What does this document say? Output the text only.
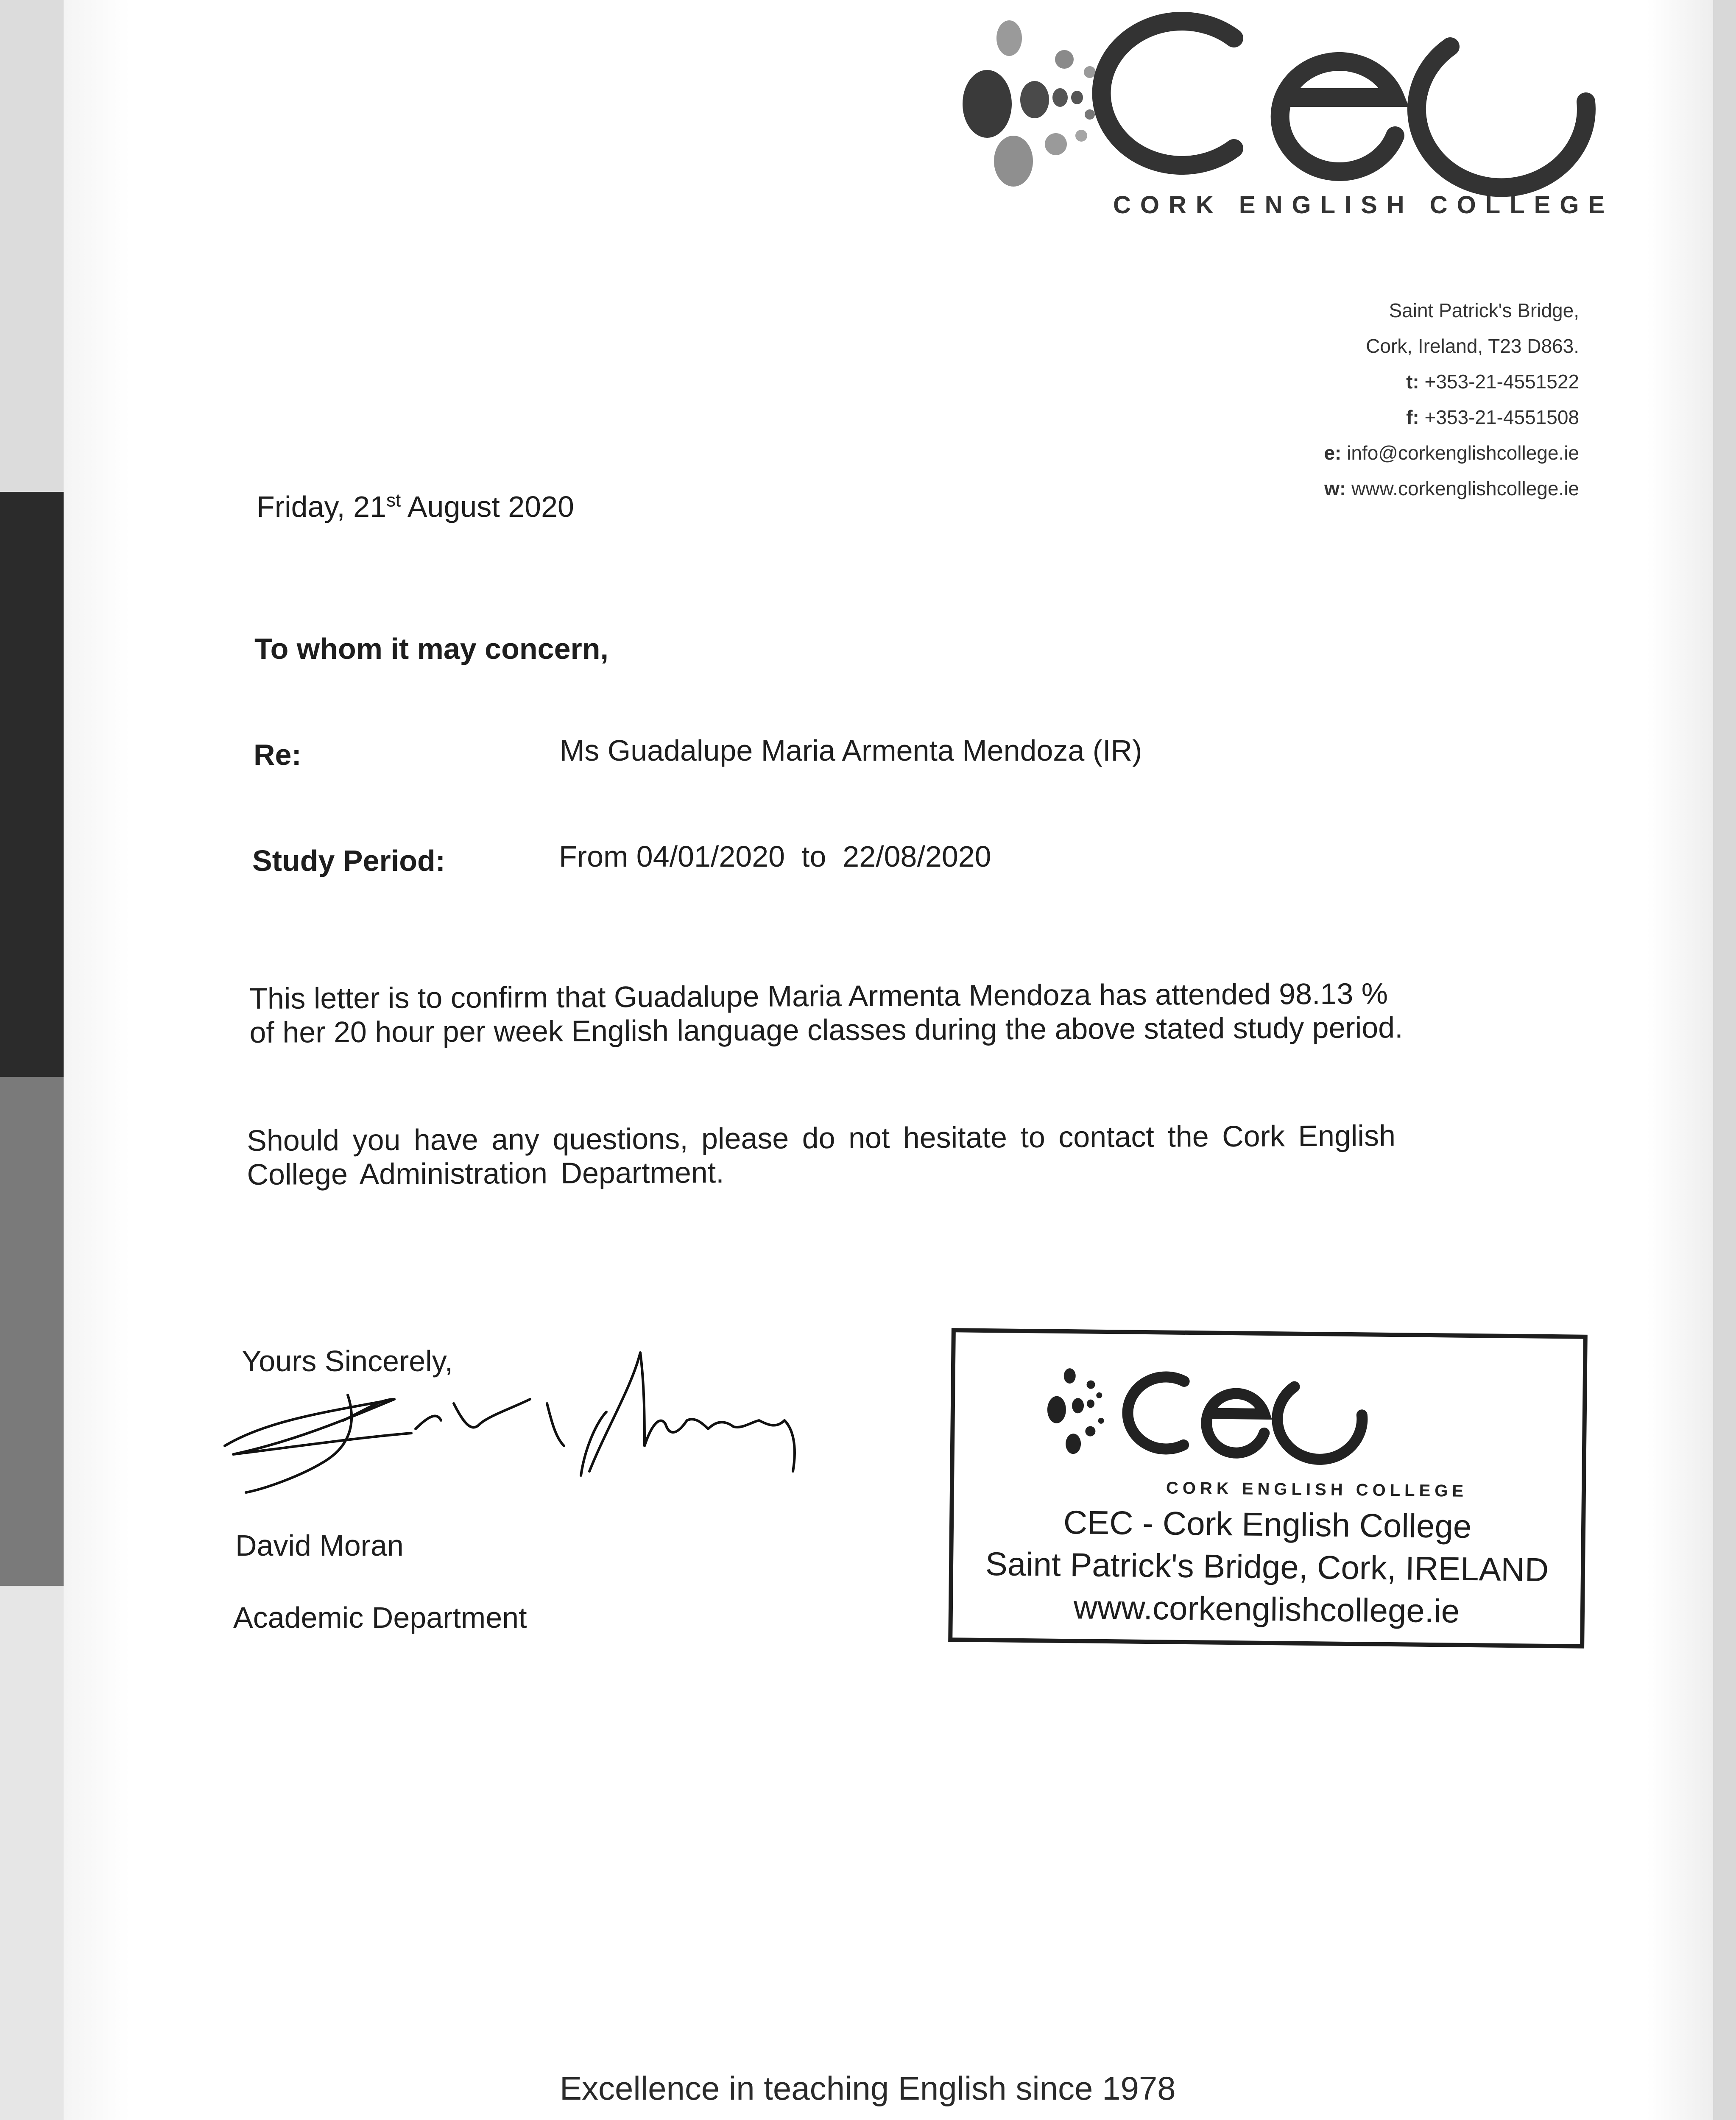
CORK ENGLISH COLLEGE
Saint Patrick's Bridge,
Cork, Ireland, T23 D863.
t: +353-21-4551522
f: +353-21-4551508
e: info@corkenglishcollege.ie
w: www.corkenglishcollege.ie
Friday, 21st August 2020
To whom it may concern,
Re:	Ms Guadalupe Maria Armenta Mendoza (IR)
Study Period:	From 04/01/2020  to  22/08/2020
This letter is to confirm that Guadalupe Maria Armenta Mendoza has attended 98.13 %
of her 20 hour per week English language classes during the above stated study period.
Should you have any questions, please do not hesitate to contact the Cork English
College Administration Department.
Yours Sincerely,
David Moran
Academic Department
CORK ENGLISH COLLEGE
CEC - Cork English College
Saint Patrick's Bridge, Cork, IRELAND
www.corkenglishcollege.ie
Excellence in teaching English since 1978
